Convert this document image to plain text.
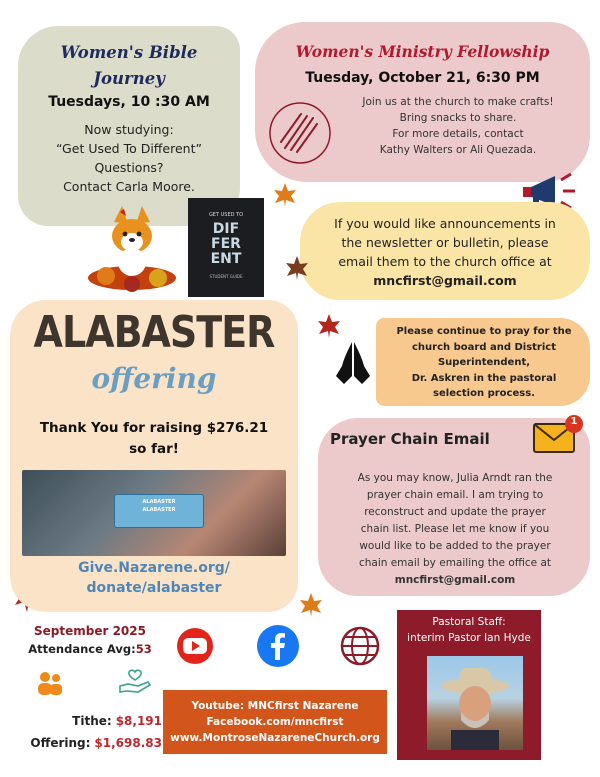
Women's Bible
Journey
Tuesdays, 10 :30 AM
Now studying:
“Get Used To Different”
Questions?
Contact Carla Moore.
GET USED TO
DIF
FER
ENT
STUDENT GUIDE
Women's Ministry Fellowship
Tuesday, October 21, 6:30 PM
Join us at the church to make crafts!
Bring snacks to share.
For more details, contact
Kathy Walters or Ali Quezada.
If you would like announcements in
the newsletter or bulletin, please
email them to the church office at
mncfirst@gmail.com
ALABASTER
offering
Thank You for raising $276.21
so far!
ALABASTER
ALABASTER
Give.Nazarene.org/
donate/alabaster
Please continue to pray for the
church board and District
Superintendent,
Dr. Askren in the pastoral
selection process.
Prayer Chain Email
As you may know, Julia Arndt ran the
prayer chain email. I am trying to
reconstruct and update the prayer
chain list. Please let me know if you
would like to be added to the prayer
chain email by emailing the office at
mncfirst@gmail.com
1
September 2025
Attendance Avg:53
Tithe: $8,191
Offering: $1,698.83
Youtube: MNCfirst Nazarene
Facebook.com/mncfirst
www.MontroseNazareneChurch.org
Pastoral Staff:
interim Pastor Ian Hyde
